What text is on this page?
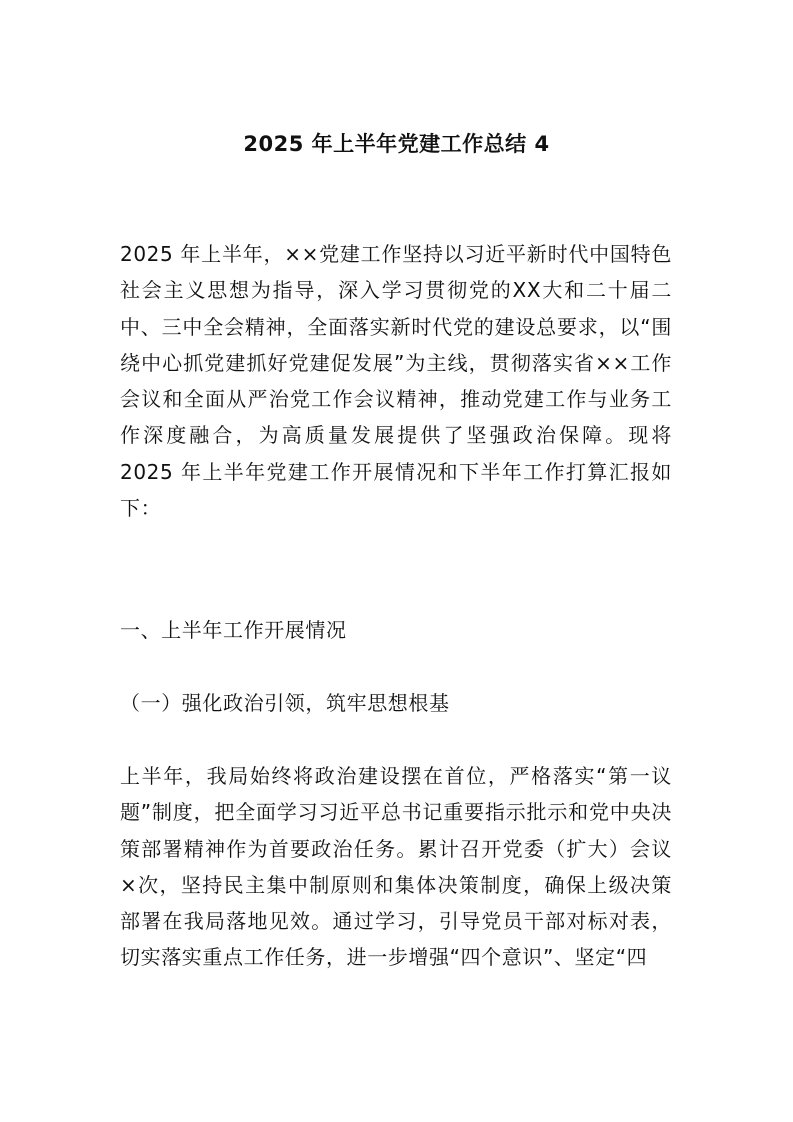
2025 年上半年党建工作总结 4

2025 年上半年，××党建工作坚持以习近平新时代中国特色社会主义思想为指导，深入学习贯彻党的XX大和二十届二中、三中全会精神，全面落实新时代党的建设总要求，以“围绕中心抓党建抓好党建促发展”为主线，贯彻落实省××工作会议和全面从严治党工作会议精神，推动党建工作与业务工作深度融合，为高质量发展提供了坚强政治保障。现将 2025 年上半年党建工作开展情况和下半年工作打算汇报如下：

一、上半年工作开展情况

（一）强化政治引领，筑牢思想根基

上半年，我局始终将政治建设摆在首位，严格落实“第一议题”制度，把全面学习习近平总书记重要指示批示和党中央决策部署精神作为首要政治任务。累计召开党委（扩大）会议×次，坚持民主集中制原则和集体决策制度，确保上级决策部署在我局落地见效。通过学习，引导党员干部对标对表，切实落实重点工作任务，进一步增强“四个意识”、坚定“四
